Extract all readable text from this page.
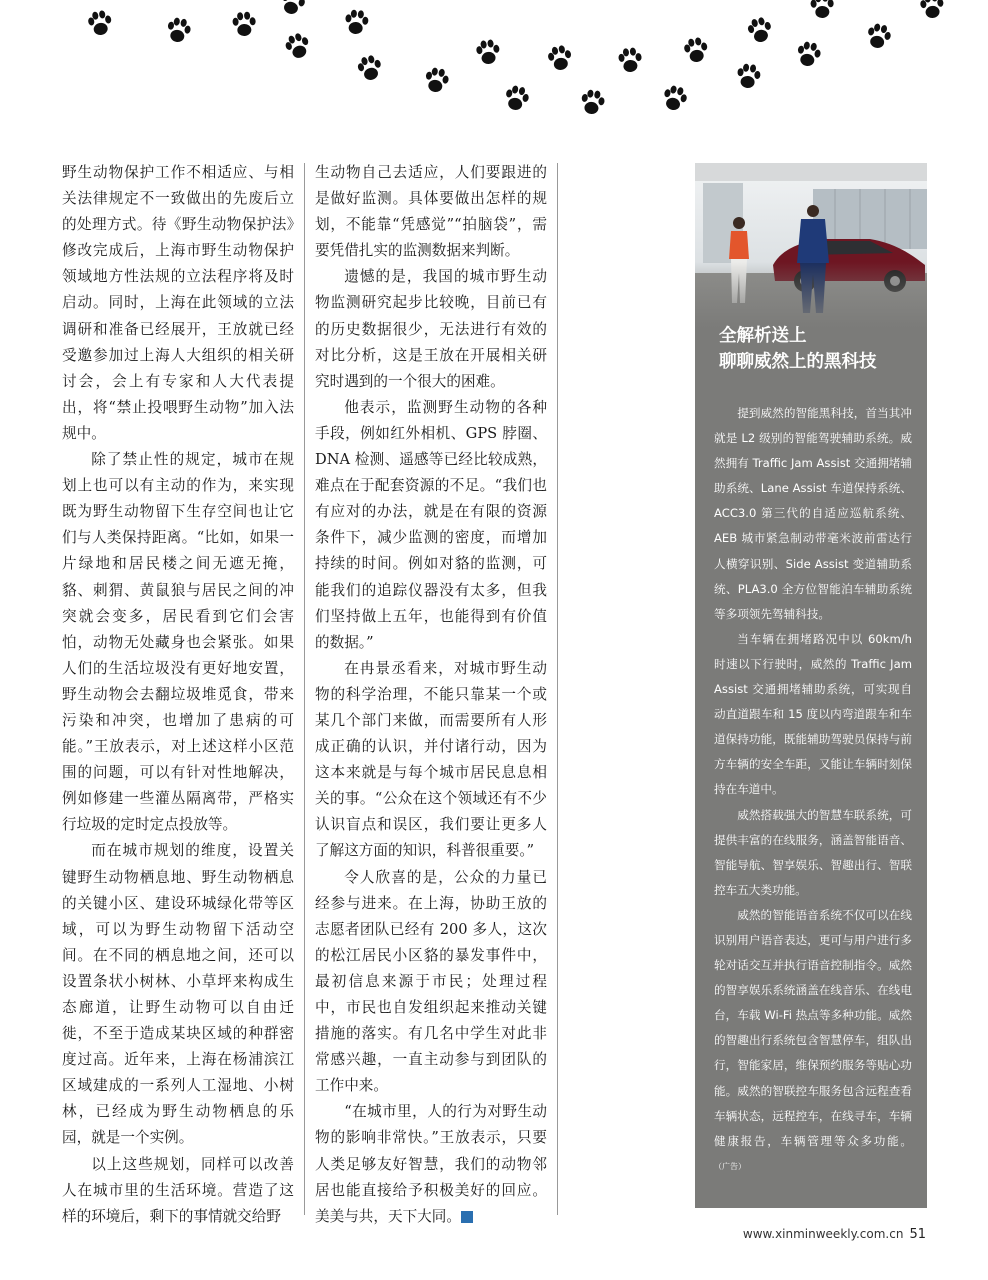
野生动物保护工作不相适应、与相关法律规定不一致做出的先废后立的处理方式。待《野生动物保护法》修改完成后，上海市野生动物保护领域地方性法规的立法程序将及时启动。同时，上海在此领域的立法调研和准备已经展开，王放就已经受邀参加过上海人大组织的相关研讨会，会上有专家和人大代表提出，将“禁止投喂野生动物”加入法规中。

除了禁止性的规定，城市在规划上也可以有主动的作为，来实现既为野生动物留下生存空间也让它们与人类保持距离。“比如，如果一片绿地和居民楼之间无遮无掩，貉、刺猬、黄鼠狼与居民之间的冲突就会变多，居民看到它们会害怕，动物无处藏身也会紧张。如果人们的生活垃圾没有更好地安置，野生动物会去翻垃圾堆觅食，带来污染和冲突，也增加了患病的可能。”王放表示，对上述这样小区范围的问题，可以有针对性地解决，例如修建一些灌丛隔离带，严格实行垃圾的定时定点投放等。

而在城市规划的维度，设置关键野生动物栖息地、野生动物栖息的关键小区、建设环城绿化带等区域，可以为野生动物留下活动空间。在不同的栖息地之间，还可以设置条状小树林、小草坪来构成生态廊道，让野生动物可以自由迁徙，不至于造成某块区域的种群密度过高。近年来，上海在杨浦滨江区域建成的一系列人工湿地、小树林，已经成为野生动物栖息的乐园，就是一个实例。

以上这些规划，同样可以改善人在城市里的生活环境。营造了这样的环境后，剩下的事情就交给野

生动物自己去适应，人们要跟进的是做好监测。具体要做出怎样的规划，不能靠“凭感觉”“拍脑袋”，需要凭借扎实的监测数据来判断。

遗憾的是，我国的城市野生动物监测研究起步比较晚，目前已有的历史数据很少，无法进行有效的对比分析，这是王放在开展相关研究时遇到的一个很大的困难。

他表示，监测野生动物的各种手段，例如红外相机、GPS 脖圈、DNA 检测、遥感等已经比较成熟，难点在于配套资源的不足。“我们也有应对的办法，就是在有限的资源条件下，减少监测的密度，而增加持续的时间。例如对貉的监测，可能我们的追踪仪器没有太多，但我们坚持做上五年，也能得到有价值的数据。”

在冉景丞看来，对城市野生动物的科学治理，不能只靠某一个或某几个部门来做，而需要所有人形成正确的认识，并付诸行动，因为这本来就是与每个城市居民息息相关的事。“公众在这个领域还有不少认识盲点和误区，我们要让更多人了解这方面的知识，科普很重要。”

令人欣喜的是，公众的力量已经参与进来。在上海，协助王放的志愿者团队已经有 200 多人，这次的松江居民小区貉的暴发事件中，最初信息来源于市民；处理过程中，市民也自发组织起来推动关键措施的落实。有几名中学生对此非常感兴趣，一直主动参与到团队的工作中来。

“在城市里，人的行为对野生动物的影响非常快。”王放表示，只要人类足够友好智慧，我们的动物邻居也能直接给予积极美好的回应。美美与共，天下大同。	民

全解析送上
聊聊威然上的黑科技

提到威然的智能黑科技，首当其冲就是 L2 级别的智能驾驶辅助系统。威然拥有 Traffic Jam Assist 交通拥堵辅助系统、Lane Assist 车道保持系统、ACC3.0 第三代的自适应巡航系统、AEB 城市紧急制动带毫米波前雷达行人横穿识别、Side Assist 变道辅助系统、PLA3.0 全方位智能泊车辅助系统等多项领先驾辅科技。

当车辆在拥堵路况中以 60km/h 时速以下行驶时，威然的 Traffic Jam Assist 交通拥堵辅助系统，可实现自动直道跟车和 15 度以内弯道跟车和车道保持功能，既能辅助驾驶员保持与前方车辆的安全车距，又能让车辆时刻保持在车道中。

威然搭载强大的智慧车联系统，可提供丰富的在线服务，涵盖智能语音、智能导航、智享娱乐、智趣出行、智联控车五大类功能。

威然的智能语音系统不仅可以在线识别用户语音表达，更可与用户进行多轮对话交互并执行语音控制指令。威然的智享娱乐系统涵盖在线音乐、在线电台，车载 Wi-Fi 热点等多种功能。威然的智趣出行系统包含智慧停车，组队出行，智能家居，维保预约服务等贴心功能。威然的智联控车服务包含远程查看车辆状态，远程控车，在线寻车，车辆健康报告，车辆管理等众多功能。$^{(广告)}$

www.xinminweekly.com.cn 51
